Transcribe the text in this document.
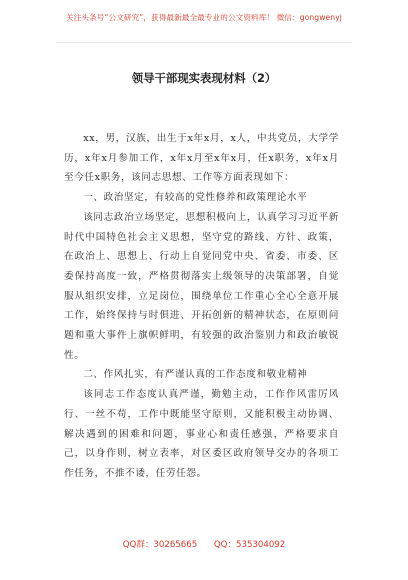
关注头条号“公文研究”，获得最新最全最专业的公文资料库！ 微信：gongwenyj
领导干部现实表现材料（2）

xx，男，汉族，出生于x年x月，x人，中共党员，大学学历，x年x月参加工作，x年x月至x年x月，任x职务，x年x月至今任x职务，该同志思想、工作等方面表现如下：

一、政治坚定，有较高的党性修养和政策理论水平

该同志政治立场坚定，思想积极向上，认真学习习近平新时代中国特色社会主义思想，坚守党的路线、方针、政策，在政治上、思想上、行动上自觉同党中央、省委、市委、区委保持高度一致，严格贯彻落实上级领导的决策部署，自觉服从组织安排，立足岗位，围绕单位工作重心全心全意开展工作，始终保持与时俱进、开拓创新的精神状态，在原则问题和重大事件上旗帜鲜明，有较强的政治鉴别力和政治敏锐性。

二、作风扎实，有严谨认真的工作态度和敬业精神

该同志工作态度认真严谨，勤勉主动，工作作风雷厉风行、一丝不苟，工作中既能坚守原则，又能积极主动协调、解决遇到的困难和问题，事业心和责任感强，严格要求自己，以身作则，树立表率，对区委区政府领导交办的各项工作任务，不推不诿，任劳任怨。

QQ群：30265665 QQ：535304092
